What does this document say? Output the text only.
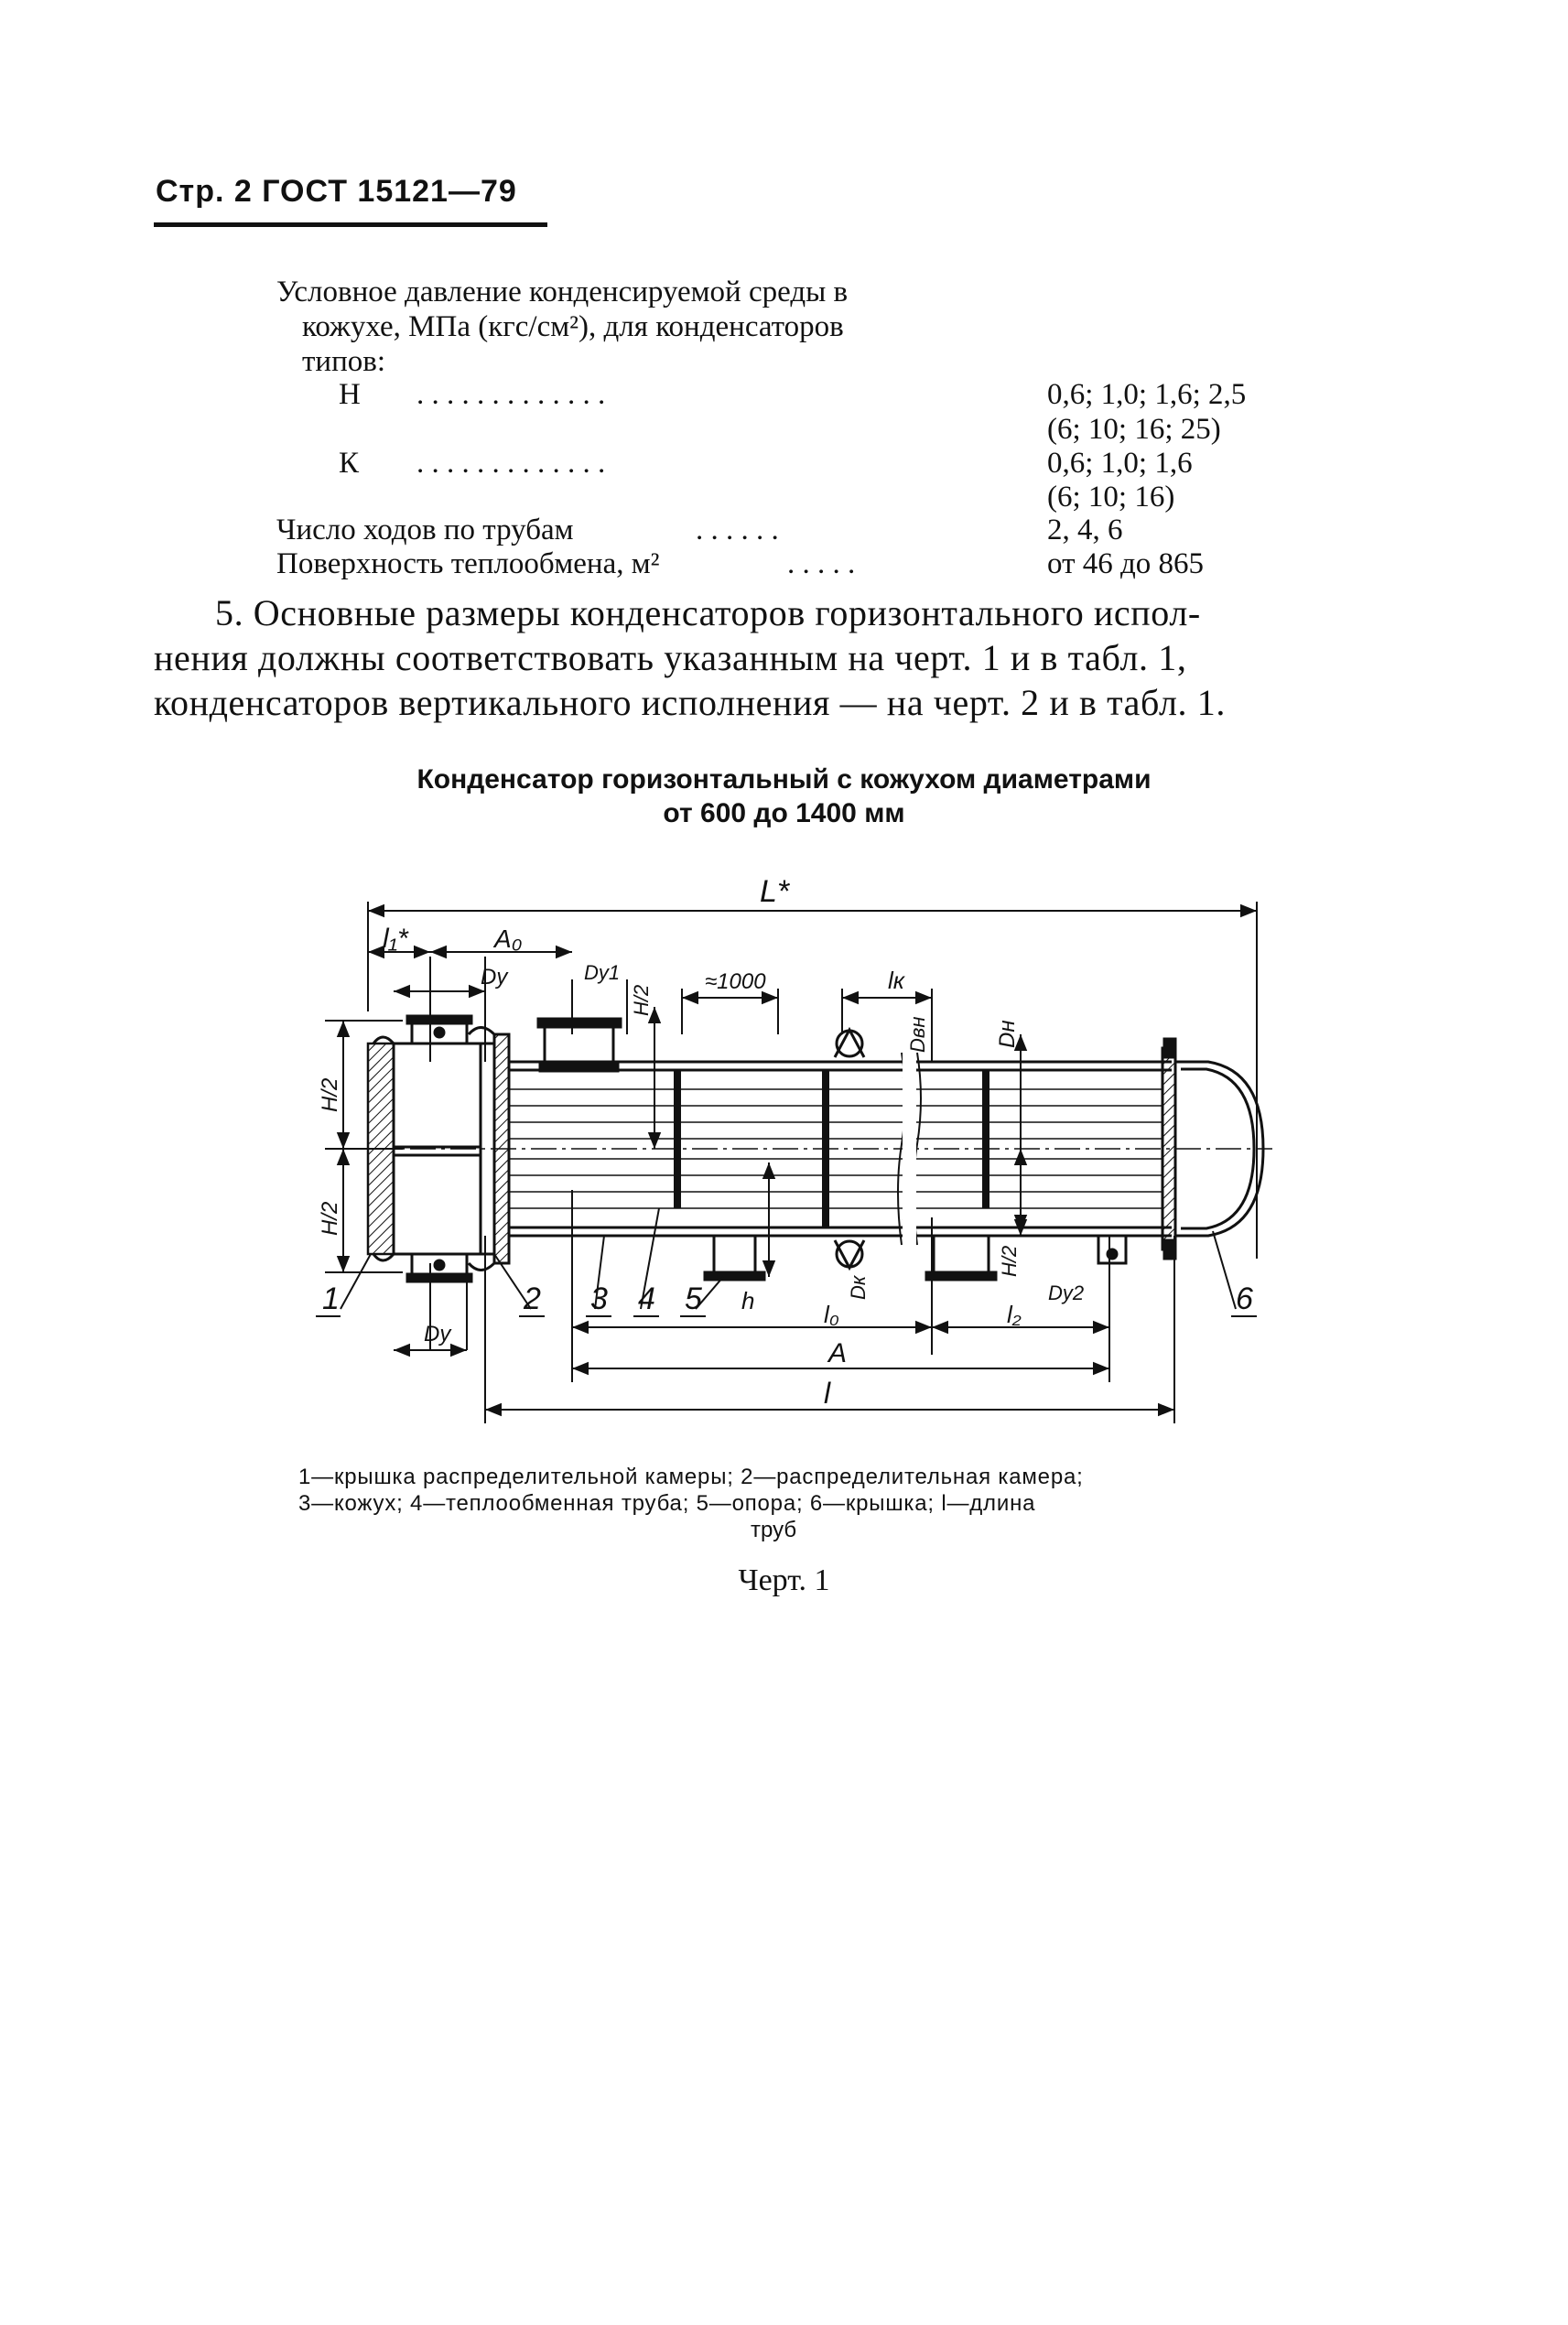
Стр. 2 ГОСТ 15121—79
Условное давление конденсируемой среды в
кожухе, МПа (кгс/см²), для конденсаторов
типов:
Н . . . . . . . . . . . . .	0,6; 1,0; 1,6; 2,5
(6; 10; 16; 25)
К . . . . . . . . . . . . .	0,6; 1,0; 1,6
(6; 10; 16)
Число ходов по трубам	. . . . . .	2, 4, 6
Поверхность теплообмена, м²	. . . . .	от 46 до 865
5. Основные размеры конденсаторов горизонтального испол-
нения должны соответствовать указанным на черт. 1 и в табл. 1,
конденсаторов вертикального исполнения — на черт. 2 и в табл. 1.
Конденсатор горизонтальный с кожухом диаметрами
от 600 до 1400 мм
L*
l₁*	A₀
Dу	Dу1	≈1000	lк
Dвн	Dн
H/2
H/2
H/2
H/2
h	l₀
Dк
l₂
Dу2
Dу
A
l
1	2 3 4 5	6
1—крышка распределительной камеры; 2—распределительная камера;
3—кожух; 4—теплообменная труба; 5—опора; 6—крышка; l—длина
труб
Черт. 1
